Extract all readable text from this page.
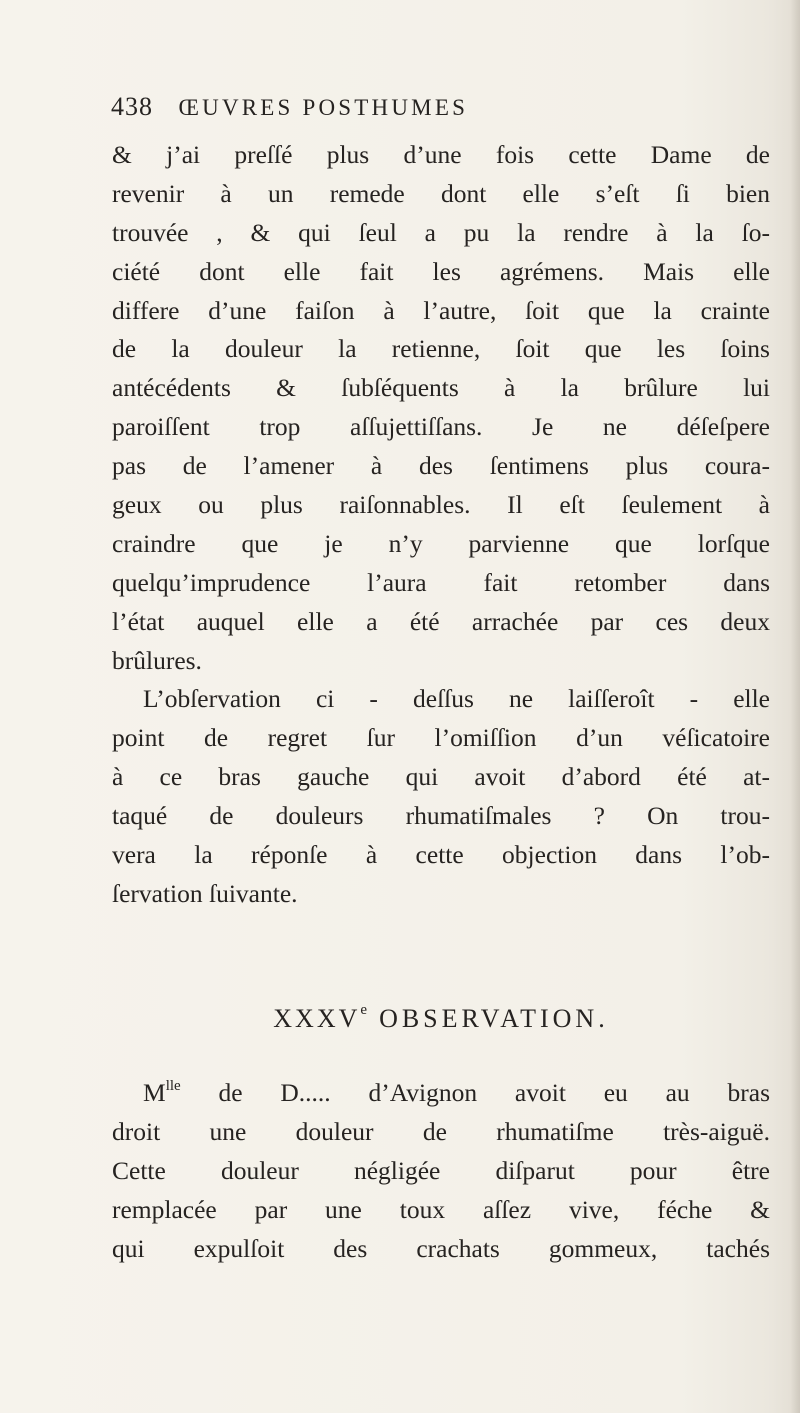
438 ŒUVRES POSTHUMES
& j’ai preſſé plus d’une fois cette Dame de
revenir à un remede dont elle s’eſt ſi bien
trouvée , & qui ſeul a pu la rendre à la ſo-
ciété dont elle fait les agrémens. Mais elle
differe d’une faiſon à l’autre, ſoit que la crainte
de la douleur la retienne, ſoit que les ſoins
antécédents & ſubſéquents à la brûlure lui
paroiſſent trop aſſujettiſſans. Je ne déſeſpere
pas de l’amener à des ſentimens plus coura-
geux ou plus raiſonnables. Il eſt ſeulement à
craindre que je n’y parvienne que lorſque
quelqu’imprudence l’aura fait retomber dans
l’état auquel elle a été arrachée par ces deux
brûlures.
L’obſervation ci - deſſus ne laiſſeroît - elle
point de regret ſur l’omiſſion d’un véſicatoire
à ce bras gauche qui avoit d’abord été at-
taqué de douleurs rhumatiſmales ? On trou-
vera la réponſe à cette objection dans l’ob-
ſervation ſuivante.
XXXVe OBSERVATION.
$M^{lle}$ de D..... d’Avignon avoit eu au bras
droit une douleur de rhumatiſme très-aiguë.
Cette douleur négligée diſparut pour être
remplacée par une toux aſſez vive, féche &
qui expulſoit des crachats gommeux, tachés
